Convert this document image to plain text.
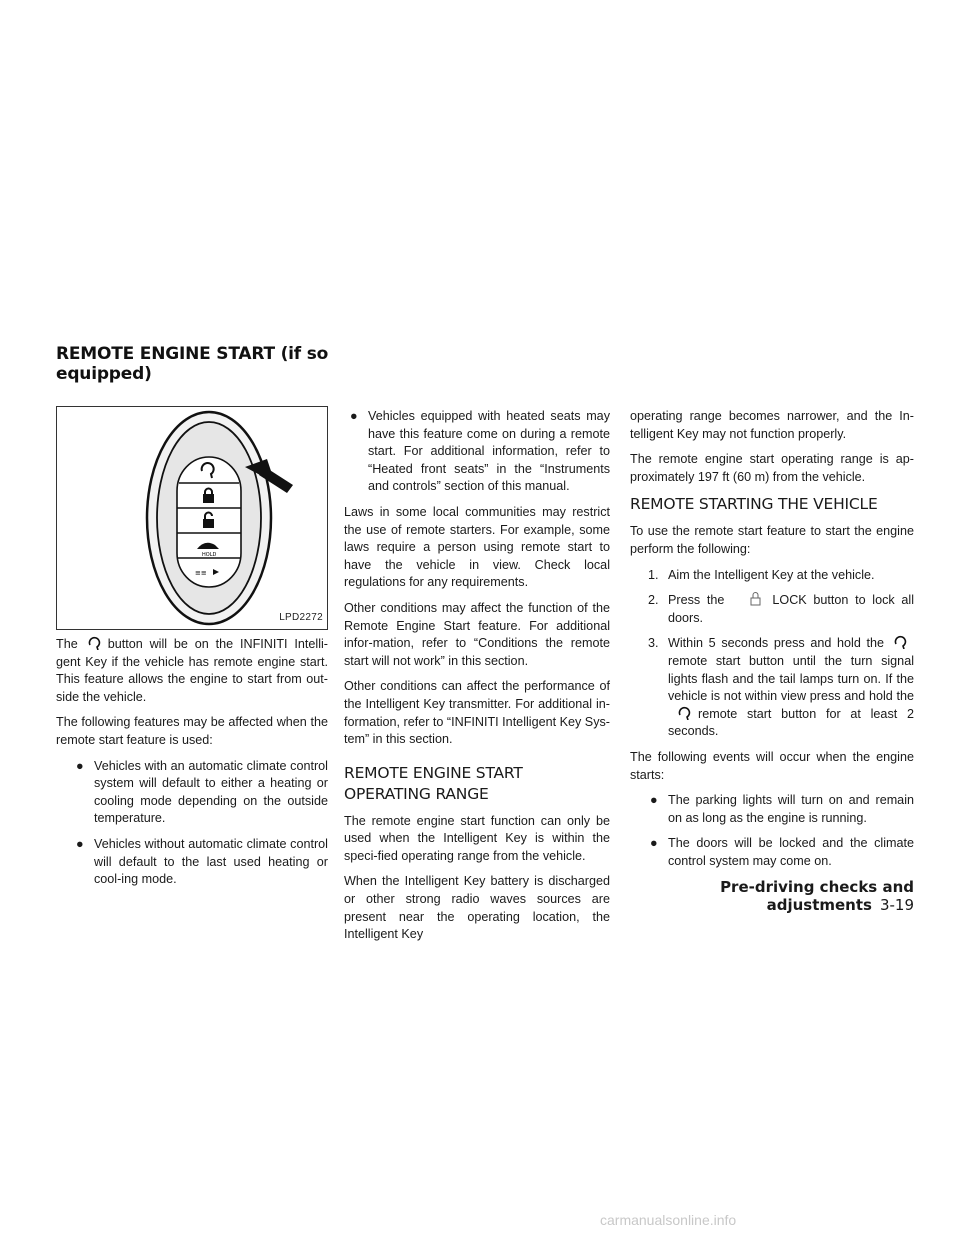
REMOTE ENGINE START (if so equipped)
HOLD
≡≡
LPD2272

The button will be on the INFINITI Intelli-gent Key if the vehicle has remote engine start. This feature allows the engine to start from out-side the vehicle.

The following features may be affected when the remote start feature is used:

● Vehicles with an automatic climate control system will default to either a heating or cooling mode depending on the outside temperature.
● Vehicles without automatic climate control will default to the last used heating or cool-ing mode.
● Vehicles equipped with heated seats may have this feature come on during a remote start. For additional information, refer to “Heated front seats” in the “Instruments and controls” section of this manual.

Laws in some local communities may restrict the use of remote starters. For example, some laws require a person using remote start to have the vehicle in view. Check local regulations for any requirements.

Other conditions may affect the function of the Remote Engine Start feature. For additional infor-mation, refer to “Conditions the remote start will not work” in this section.

Other conditions can affect the performance of the Intelligent Key transmitter. For additional in-formation, refer to “INFINITI Intelligent Key Sys-tem” in this section.

REMOTE ENGINE START OPERATING RANGE

The remote engine start function can only be used when the Intelligent Key is within the speci-fied operating range from the vehicle.

When the Intelligent Key battery is discharged or other strong radio waves sources are present near the operating location, the Intelligent Key

operating range becomes narrower, and the In-telligent Key may not function properly.

The remote engine start operating range is ap-proximately 197 ft (60 m) from the vehicle.

REMOTE STARTING THE VEHICLE

To use the remote start feature to start the engine perform the following:

1. Aim the Intelligent Key at the vehicle.
2. Press the	LOCK button to lock all doors.
3. Within 5 seconds press and hold theremote start button until the turn signal lights flash and the tail lamps turn on. If the vehicle is not within view press and hold theremote start button for at least 2 seconds.

The following events will occur when the engine starts:

● The parking lights will turn on and remain on as long as the engine is running.
● The doors will be locked and the climate control system may come on.
Pre-driving checks and adjustments 3-19
carmanualsonline.info
